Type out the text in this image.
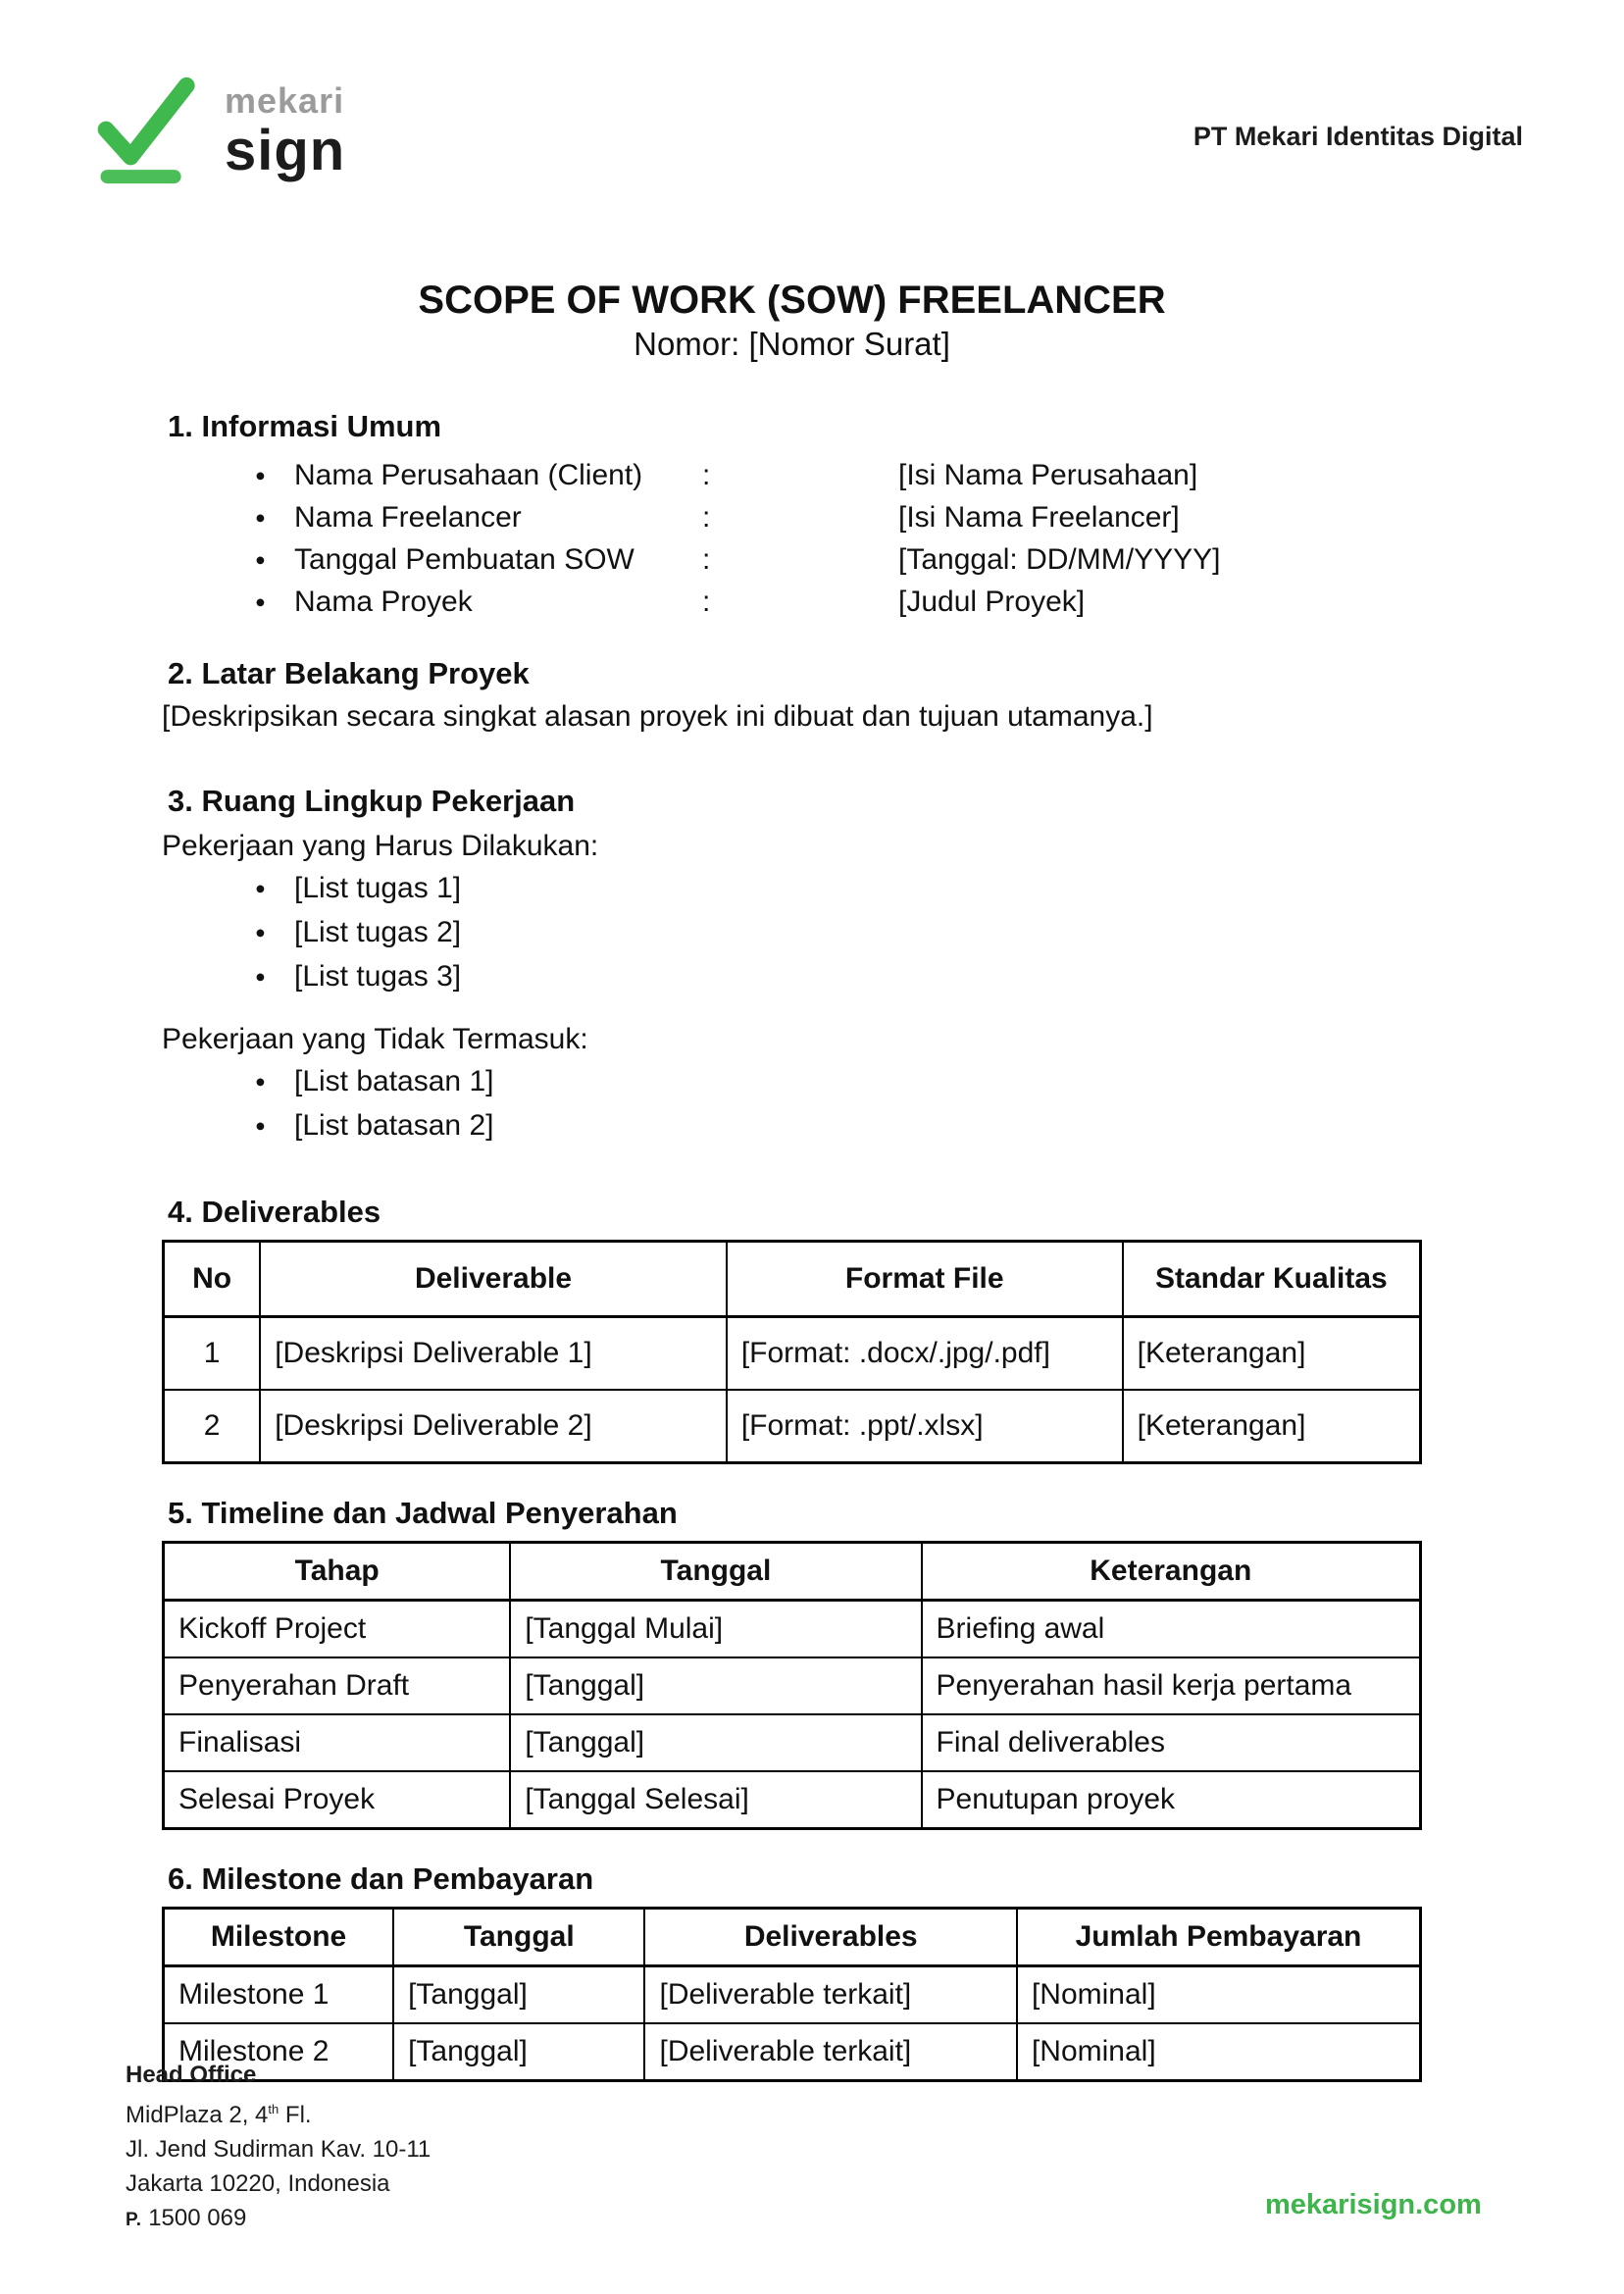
mekari
sign	PT Mekari Identitas Digital
SCOPE OF WORK (SOW) FREELANCER
Nomor: [Nomor Surat]
1. Informasi Umum
● Nama Perusahaan (Client)	:	[Isi Nama Perusahaan]
● Nama Freelancer	:	[Isi Nama Freelancer]
● Tanggal Pembuatan SOW	:	[Tanggal: DD/MM/YYYY]
● Nama Proyek	:	[Judul Proyek]
2. Latar Belakang Proyek
[Deskripsikan secara singkat alasan proyek ini dibuat dan tujuan utamanya.]
3. Ruang Lingkup Pekerjaan
Pekerjaan yang Harus Dilakukan:
● [List tugas 1]
● [List tugas 2]
● [List tugas 3]
Pekerjaan yang Tidak Termasuk:
● [List batasan 1]
● [List batasan 2]
4. Deliverables
No	Deliverable	Format File	Standar Kualitas
1	[Deskripsi Deliverable 1]	[Format: .docx/.jpg/.pdf]	[Keterangan]
2	[Deskripsi Deliverable 2]	[Format: .ppt/.xlsx]	[Keterangan]
5. Timeline dan Jadwal Penyerahan
Tahap	Tanggal	Keterangan
Kickoff Project	[Tanggal Mulai]	Briefing awal
Penyerahan Draft	[Tanggal]	Penyerahan hasil kerja pertama
Finalisasi	[Tanggal]	Final deliverables
Selesai Proyek	[Tanggal Selesai]	Penutupan proyek
6. Milestone dan Pembayaran
Milestone	Tanggal	Deliverables	Jumlah Pembayaran
Milestone 1	[Tanggal]	[Deliverable terkait]	[Nominal]
Milestone 2	[Tanggal]	[Deliverable terkait]	[Nominal]
Head Office
MidPlaza 2, 4th Fl.
Jl. Jend Sudirman Kav. 10-11
Jakarta 10220, Indonesia
P. 1500 069	mekarisign.com
